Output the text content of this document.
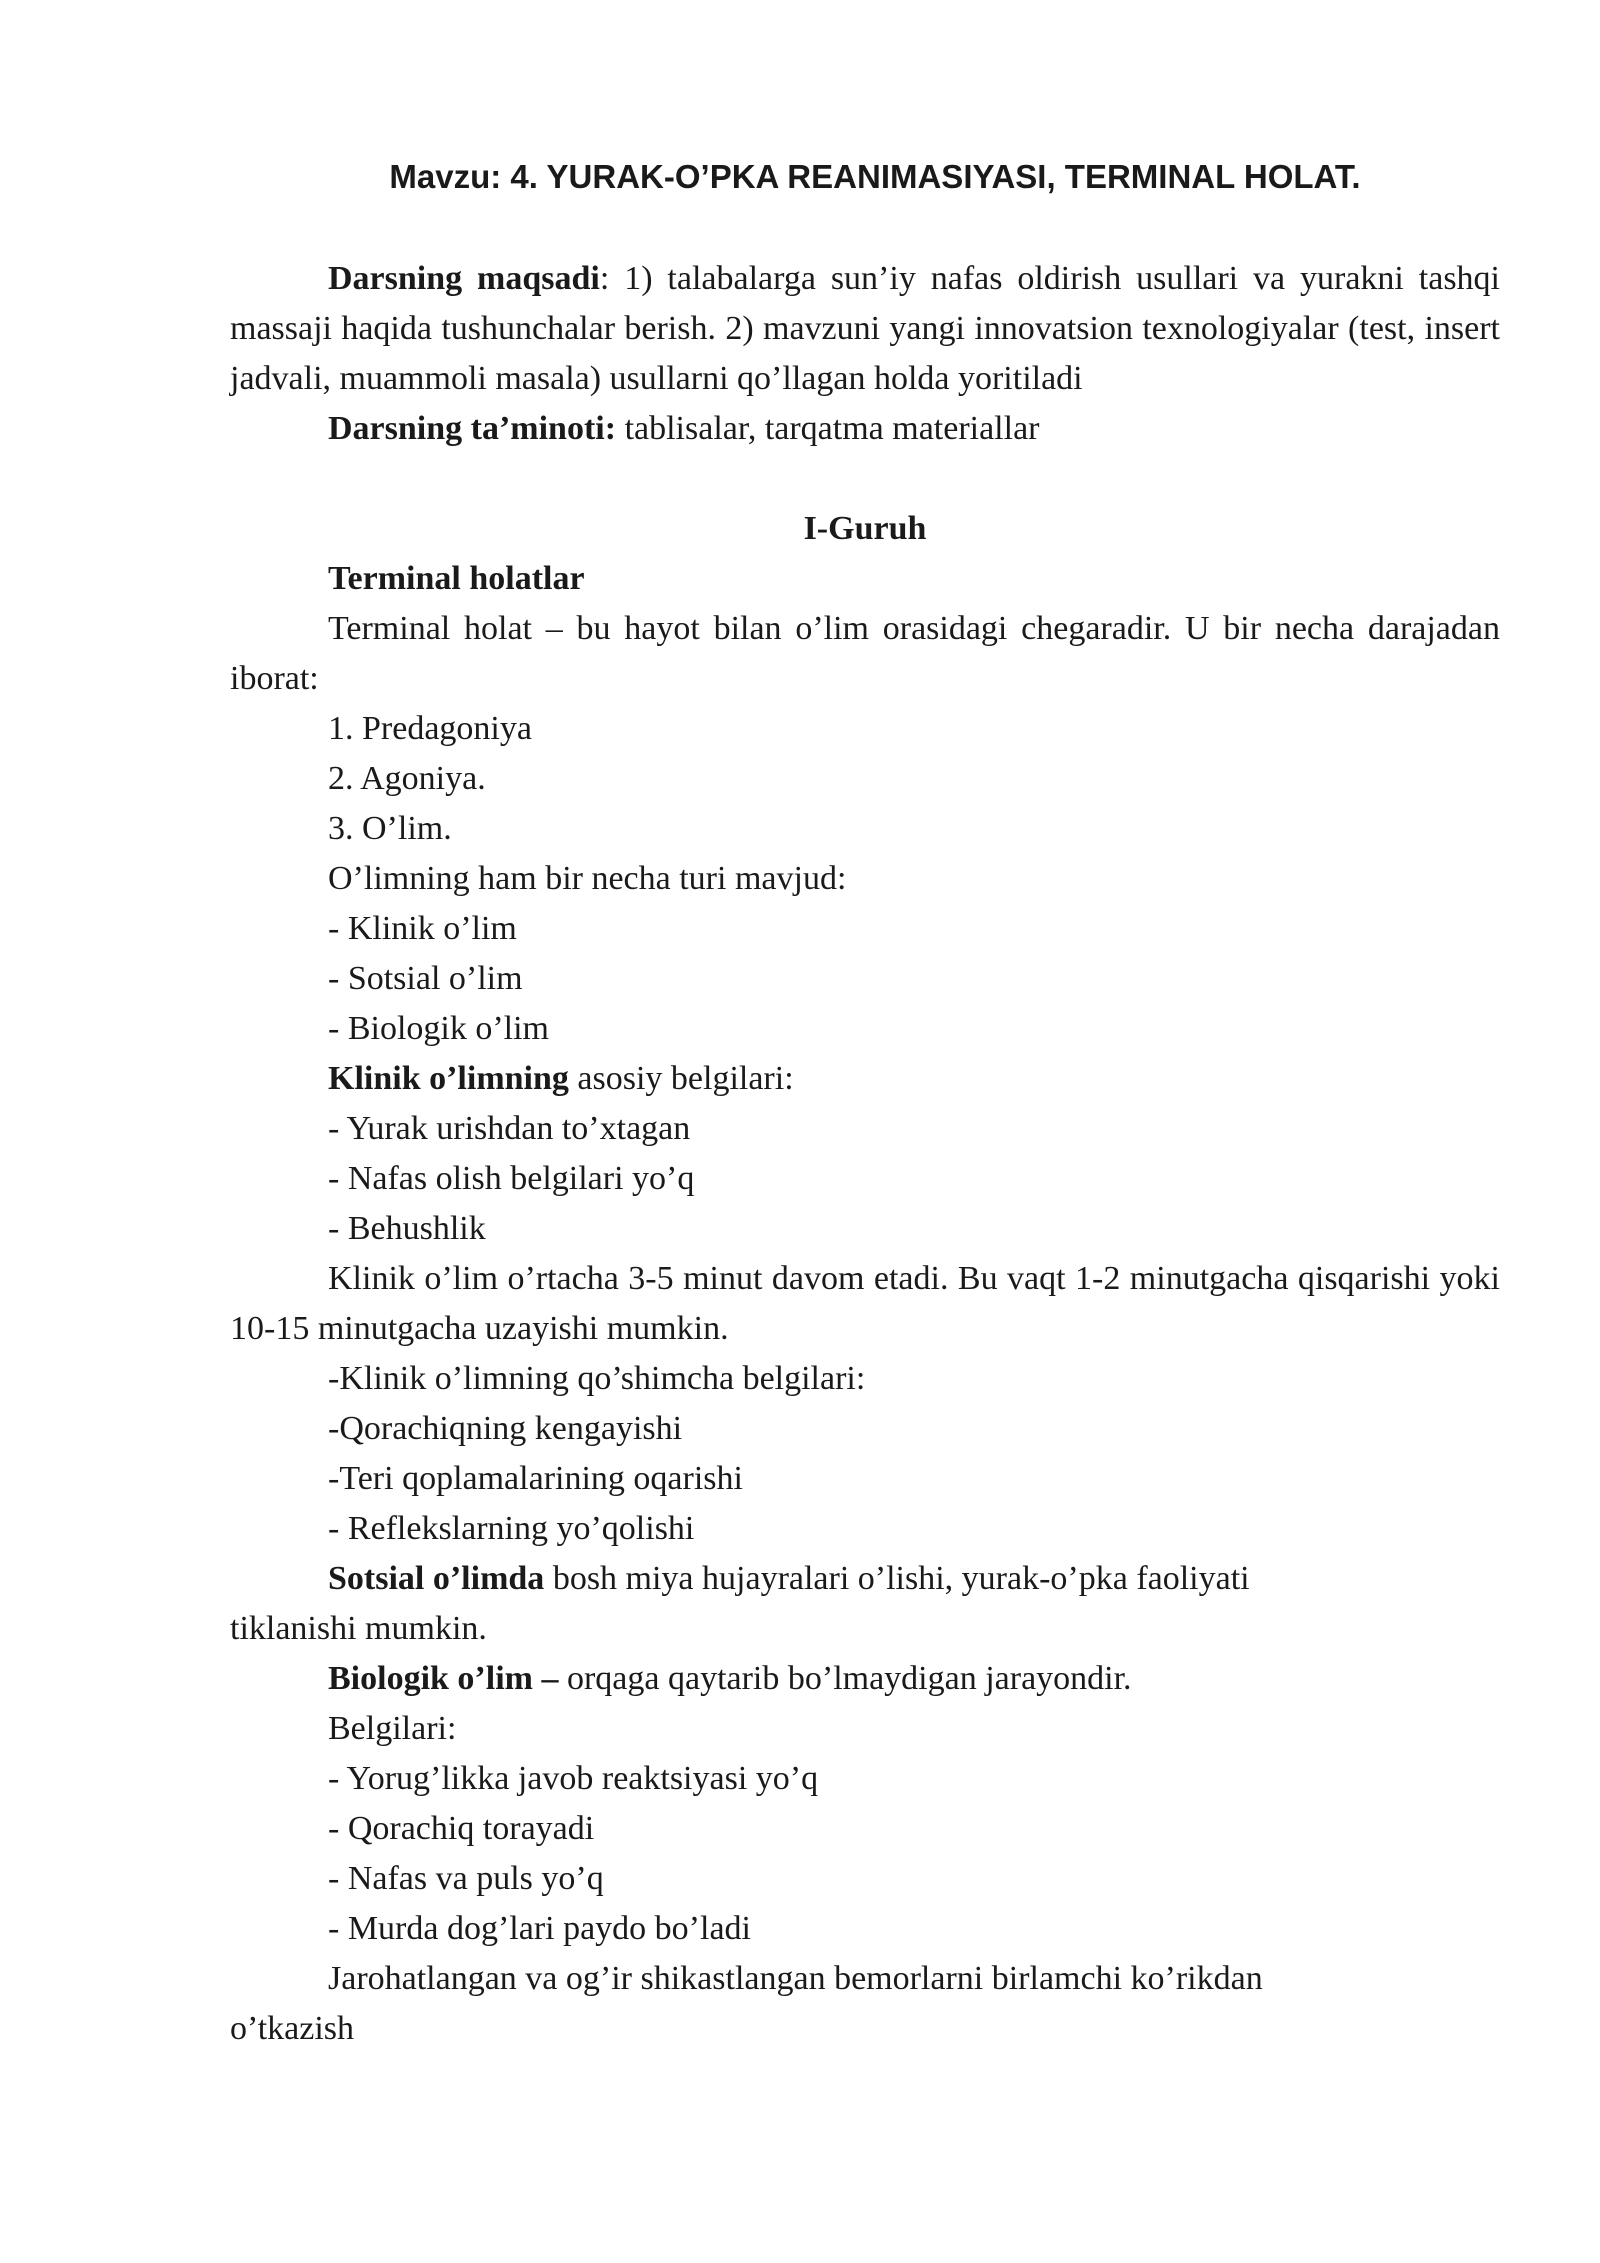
Mavzu: 4. YURAK-O’PKA REANIMASIYASI, TERMINAL HOLAT.

Darsning maqsadi: 1) talabalarga sun’iy nafas oldirish usullari va yurakni tashqi massaji haqida tushunchalar berish. 2) mavzuni yangi innovatsion texnologiyalar (test, insert jadvali, muammoli masala) usullarni qo’llagan holda yoritiladi

Darsning ta’minoti: tablisalar, tarqatma materiallar

I-Guruh

Terminal holatlar

Terminal holat – bu hayot bilan o’lim orasidagi chegaradir. U bir necha darajadan iborat:

1. Predagoniya

2. Agoniya.

3. O’lim.

O’limning ham bir necha turi mavjud:

- Klinik o’lim

- Sotsial o’lim

- Biologik o’lim

Klinik o’limning asosiy belgilari:

- Yurak urishdan to’xtagan

- Nafas olish belgilari yo’q

- Behushlik

Klinik o’lim o’rtacha 3-5 minut davom etadi. Bu vaqt 1-2 minutgacha qisqarishi yoki 10-15 minutgacha uzayishi mumkin.

-Klinik o’limning qo’shimcha belgilari:

-Qorachiqning kengayishi

-Teri qoplamalarining oqarishi

- Reflekslarning yo’qolishi

Sotsial o’limda bosh miya hujayralari o’lishi, yurak-o’pka faoliyati tiklanishi mumkin.

Biologik o’lim – orqaga qaytarib bo’lmaydigan jarayondir.

Belgilari:

- Yorug’likka javob reaktsiyasi yo’q

- Qorachiq torayadi

- Nafas va puls yo’q

- Murda dog’lari paydo bo’ladi

Jarohatlangan va og’ir shikastlangan bemorlarni birlamchi ko’rikdan o’tkazish
